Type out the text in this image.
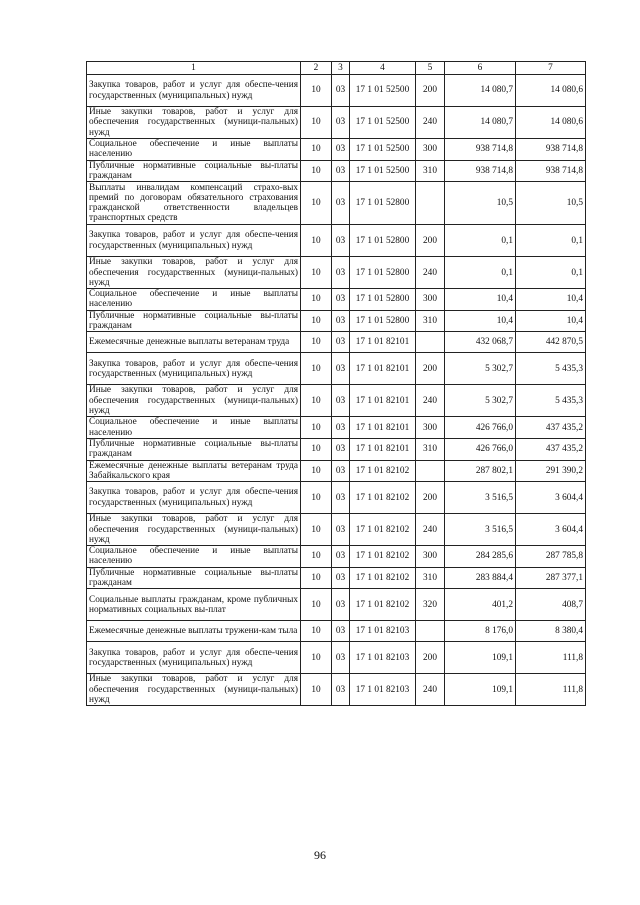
1	2	3	4	5	6	7
Закупка товаров, работ и услуг для обеспе-чения государственных (муниципальных) нужд	10	03	17 1 01 52500	200	14 080,7	14 080,6
Иные закупки товаров, работ и услуг для обеспечения государственных (муници-пальных) нужд	10	03	17 1 01 52500	240	14 080,7	14 080,6
Социальное обеспечение и иные выплаты населению	10	03	17 1 01 52500	300	938 714,8	938 714,8
Публичные нормативные социальные вы-платы гражданам	10	03	17 1 01 52500	310	938 714,8	938 714,8
Выплаты инвалидам компенсаций страхо-вых премий по договорам обязательного страхования гражданской ответственности владельцев транспортных средств	10	03	17 1 01 52800		10,5	10,5
Закупка товаров, работ и услуг для обеспе-чения государственных (муниципальных) нужд	10	03	17 1 01 52800	200	0,1	0,1
Иные закупки товаров, работ и услуг для обеспечения государственных (муници-пальных) нужд	10	03	17 1 01 52800	240	0,1	0,1
Социальное обеспечение и иные выплаты населению	10	03	17 1 01 52800	300	10,4	10,4
Публичные нормативные социальные вы-платы гражданам	10	03	17 1 01 52800	310	10,4	10,4
Ежемесячные денежные выплаты ветеранам труда	10	03	17 1 01 82101		432 068,7	442 870,5
Закупка товаров, работ и услуг для обеспе-чения государственных (муниципальных) нужд	10	03	17 1 01 82101	200	5 302,7	5 435,3
Иные закупки товаров, работ и услуг для обеспечения государственных (муници-пальных) нужд	10	03	17 1 01 82101	240	5 302,7	5 435,3
Социальное обеспечение и иные выплаты населению	10	03	17 1 01 82101	300	426 766,0	437 435,2
Публичные нормативные социальные вы-платы гражданам	10	03	17 1 01 82101	310	426 766,0	437 435,2
Ежемесячные денежные выплаты ветеранам труда Забайкальского края	10	03	17 1 01 82102		287 802,1	291 390,2
Закупка товаров, работ и услуг для обеспе-чения государственных (муниципальных) нужд	10	03	17 1 01 82102	200	3 516,5	3 604,4
Иные закупки товаров, работ и услуг для обеспечения государственных (муници-пальных) нужд	10	03	17 1 01 82102	240	3 516,5	3 604,4
Социальное обеспечение и иные выплаты населению	10	03	17 1 01 82102	300	284 285,6	287 785,8
Публичные нормативные социальные вы-платы гражданам	10	03	17 1 01 82102	310	283 884,4	287 377,1
Социальные выплаты гражданам, кроме публичных нормативных социальных вы-плат	10	03	17 1 01 82102	320	401,2	408,7
Ежемесячные денежные выплаты тружени-кам тыла	10	03	17 1 01 82103		8 176,0	8 380,4
Закупка товаров, работ и услуг для обеспе-чения государственных (муниципальных) нужд	10	03	17 1 01 82103	200	109,1	111,8
Иные закупки товаров, работ и услуг для обеспечения государственных (муници-пальных) нужд	10	03	17 1 01 82103	240	109,1	111,8
96
